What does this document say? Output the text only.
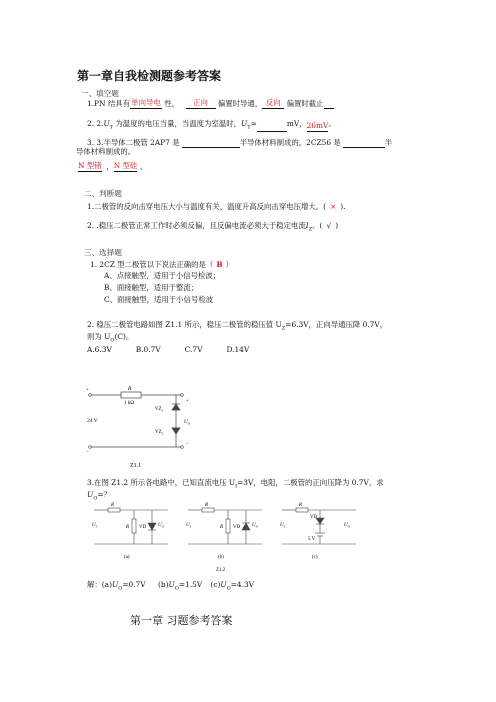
第一章自我检测题参考答案
一、填空题
1.PN 结具有单向导电 性， 正向 偏置时导通， 反向 偏置时截止
2. $2.U_T$ 为温度的电压当量，当温度为室温时，$U_T\approx$	mV，26mV。
3. 3.半导体二极管 2AP7 是	半导体材料制成的，2CZ56 是	半
导体材料制成的。
N 型锗 ，N 型硅 。
二、判断题
1.二极管的反向击穿电压大小与温度有关，温度升高反向击穿电压增大。( × ).
2. .稳压二极管正常工作时必须反偏，且反偏电流必须大于稳定电流$I_Z$。( √ )
三、选择题
1. 2CZ 型二极管以下说法正确的是（ B ）
A、点接触型，适用于小信号检波；
B、面接触型，适用于整流；
C、面接触型，适用于小信号检波
2. 稳压二极管电路如图 Z1.1 所示，稳压二极管的稳压值 $U_Z=6.3V$，正向导通压降 0.7V，
则为 $U_O(C)$。
A.6.3V	B.0.7V	C.7V	D.14V
R
1 kΩ
24 V
+
−
$VZ_1$
$VZ_2$
+
$U_O$
−
Z1.1
3.在图 Z1.2 所示各电路中，已知直流电压 $U_I=3V$，电阻，二极管的正向压降为 0.7V，求
$U_O=$？
R
$U_I$	R VD $U_O$
(a)
R
$U_I$	R VD $U_O$
(b)
R
$U_I$
VD
5 V
$U_O$
(c)
Z1.2
解：$(a)U_O=0.7V$ $(b)U_O=1.5V$ $(c)U_O=4.3V$
第一章 习题参考答案
